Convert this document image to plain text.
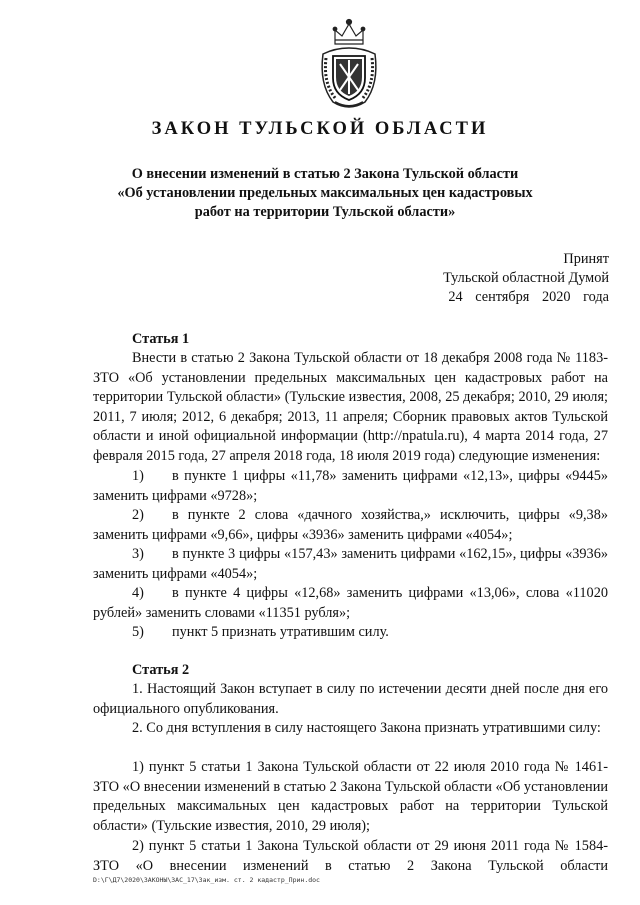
ЗАКОН ТУЛЬСКОЙ ОБЛАСТИ
О внесении изменений в статью 2 Закона Тульской области
«Об установлении предельных максимальных цен кадастровых
работ на территории Тульской области»
Принят
Тульской областной Думой
24 сентября 2020 года
Статья 1

Внести в статью 2 Закона Тульской области от 18 декабря 2008 года № 1183-ЗТО «Об установлении предельных максимальных цен кадастровых работ на территории Тульской области» (Тульские известия, 2008, 25 декабря; 2010, 29 июля; 2011, 7 июля; 2012, 6 декабря; 2013, 11 апреля; Сборник правовых актов Тульской области и иной официальной информации (http://npatula.ru), 4 марта 2014 года, 27 февраля 2015 года, 27 апреля 2018 года, 18 июля 2019 года) следующие изменения:

1) в пункте 1 цифры «11,78» заменить цифрами «12,13», цифры «9445» заменить цифрами «9728»;

2) в пункте 2 слова «дачного хозяйства,» исключить, цифры «9,38» заменить цифрами «9,66», цифры «3936» заменить цифрами «4054»;

3) в пункте 3 цифры «157,43» заменить цифрами «162,15», цифры «3936» заменить цифрами «4054»;

4) в пункте 4 цифры «12,68» заменить цифрами «13,06», слова «11020 рублей» заменить словами «11351 рубля»;

5) пункт 5 признать утратившим силу.

Статья 2

1. Настоящий Закон вступает в силу по истечении десяти дней после дня его официального опубликования.

2. Со дня вступления в силу настоящего Закона признать утратившими силу:

1) пункт 5 статьи 1 Закона Тульской области от 22 июля 2010 года № 1461-ЗТО «О внесении изменений в статью 2 Закона Тульской области «Об установлении предельных максимальных цен кадастровых работ на территории Тульской области» (Тульские известия, 2010, 29 июля);

2) пункт 5 статьи 1 Закона Тульской области от 29 июня 2011 года № 1584-ЗТО «О внесении изменений в статью 2 Закона Тульской области

D:\Г\Д7\2020\ЗАКОНЫ\ЗАС_17\Зак_изм. ст. 2 кадастр_Прин.doc
